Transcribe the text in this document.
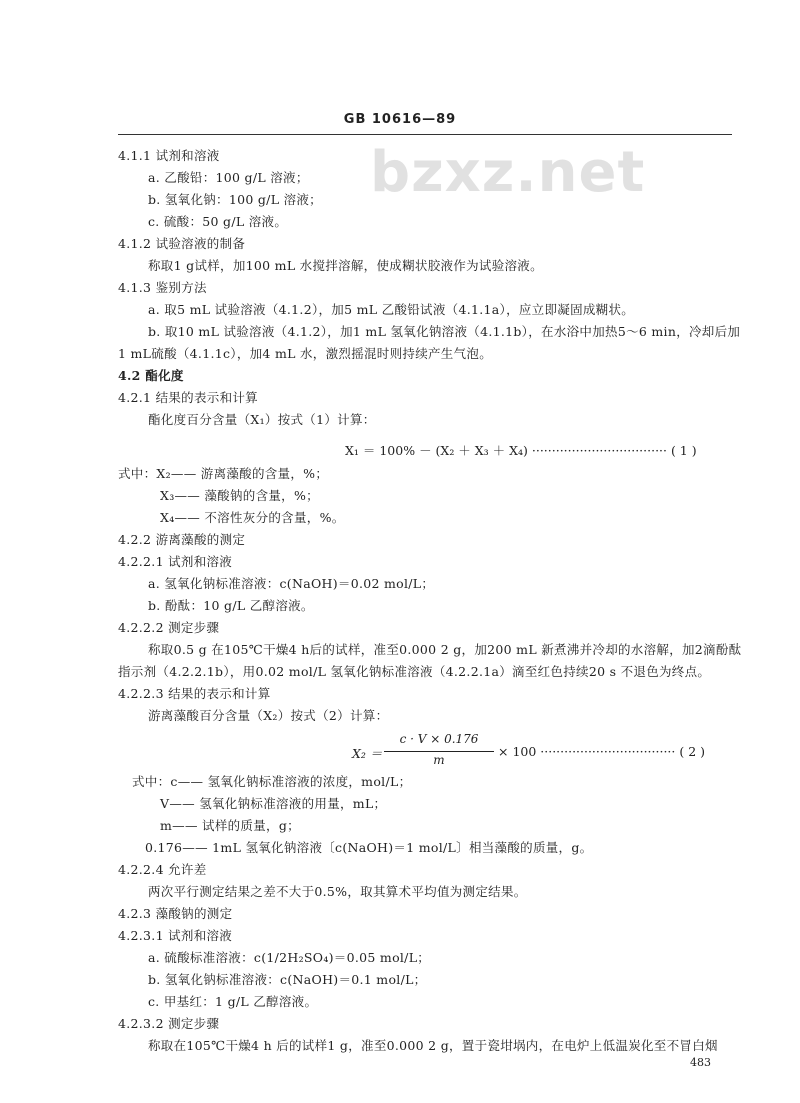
GB 10616—89
bzxz.net
4.1.1 试剂和溶液
a. 乙酸铅：100 g/L 溶液；
b. 氢氧化钠：100 g/L 溶液；
c. 硫酸：50 g/L 溶液。
4.1.2 试验溶液的制备
称取1 g试样，加100 mL 水搅拌溶解，使成糊状胶液作为试验溶液。
4.1.3 鉴别方法
a. 取5 mL 试验溶液（4.1.2），加5 mL 乙酸铅试液（4.1.1a），应立即凝固成糊状。
b. 取10 mL 试验溶液（4.1.2），加1 mL 氢氧化钠溶液（4.1.1b），在水浴中加热5～6 min，冷却后加
1 mL硫酸（4.1.1c），加4 mL 水，激烈摇混时则持续产生气泡。
4.2 酯化度
4.2.1 结果的表示和计算
酯化度百分含量（X₁）按式（1）计算：
X₁ ＝ 100% － (X₂ ＋ X₃ ＋ X₄) ·································· ( 1 )
式中：X₂—— 游离藻酸的含量，%；
X₃—— 藻酸钠的含量，%；
X₄—— 不溶性灰分的含量，%。
4.2.2 游离藻酸的测定
4.2.2.1 试剂和溶液
a. 氢氧化钠标准溶液：c(NaOH)＝0.02 mol/L；
b. 酚酞：10 g/L 乙醇溶液。
4.2.2.2 测定步骤
称取0.5 g 在105℃干燥4 h后的试样，准至0.000 2 g，加200 mL 新煮沸并冷却的水溶解，加2滴酚酞
指示剂（4.2.2.1b），用0.02 mol/L 氢氧化钠标准溶液（4.2.2.1a）滴至红色持续20 s 不退色为终点。
4.2.2.3 结果的表示和计算
游离藻酸百分含量（X₂）按式（2）计算：
X₂ ＝
c · V × 0.176
m
× 100 ·································· ( 2 )
式中：c—— 氢氧化钠标准溶液的浓度，mol/L；
V—— 氢氧化钠标准溶液的用量，mL；
m—— 试样的质量，g；
0.176—— 1mL 氢氧化钠溶液〔c(NaOH)＝1 mol/L〕相当藻酸的质量，g。
4.2.2.4 允许差
两次平行测定结果之差不大于0.5%，取其算术平均值为测定结果。
4.2.3 藻酸钠的测定
4.2.3.1 试剂和溶液
a. 硫酸标准溶液：c(1/2H₂SO₄)＝0.05 mol/L；
b. 氢氧化钠标准溶液：c(NaOH)＝0.1 mol/L；
c. 甲基红：1 g/L 乙醇溶液。
4.2.3.2 测定步骤
称取在105℃干燥4 h 后的试样1 g，准至0.000 2 g，置于瓷坩埚内，在电炉上低温炭化至不冒白烟
483
